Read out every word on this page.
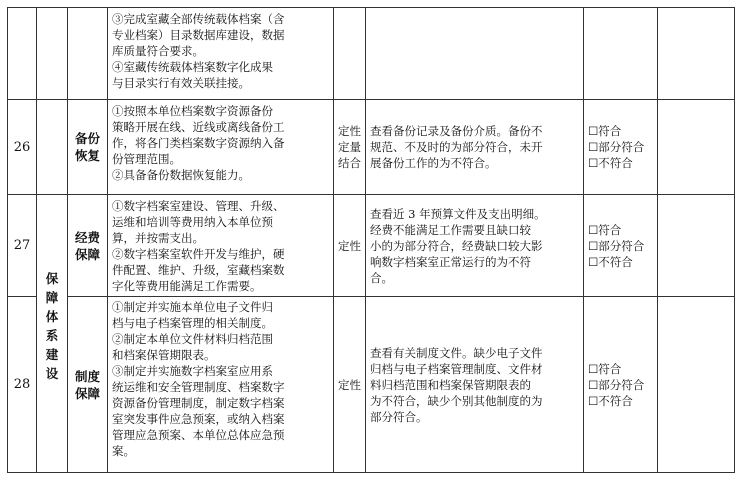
③完成室藏全部传统载体档案（含
专业档案）目录数据库建设，数据
库质量符合要求。
④室藏传统载体档案数字化成果
与目录实行有效关联挂接。
26
备份
恢复
①按照本单位档案数字资源备份
策略开展在线、近线或离线备份工
作，将各门类档案数字资源纳入备
份管理范围。
②具备备份数据恢复能力。
定性
定量
结合
查看备份记录及备份介质。备份不
规范、不及时的为部分符合，未开
展备份工作的为不符合。
☐符合
☐部分符合
☐不符合
27
经费
保障
①数字档案室建设、管理、升级、
运维和培训等费用纳入本单位预
算，并按需支出。
②数字档案室软件开发与维护，硬
件配置、维护、升级，室藏档案数
字化等费用能满足工作需要。
定性
查看近 3 年预算文件及支出明细。
经费不能满足工作需要且缺口较
小的为部分符合，经费缺口较大影
响数字档案室正常运行的为不符
合。
☐符合
☐部分符合
☐不符合
28
制度
保障
①制定并实施本单位电子文件归
档与电子档案管理的相关制度。
②制定本单位文件材料归档范围
和档案保管期限表。
③制定并实施数字档案室应用系
统运维和安全管理制度、档案数字
资源备份管理制度，制定数字档案
室突发事件应急预案，或纳入档案
管理应急预案、本单位总体应急预
案。
定性
查看有关制度文件。缺少电子文件
归档与电子档案管理制度、文件材
料归档范围和档案保管期限表的
为不符合，缺少个别其他制度的为
部分符合。
☐符合
☐部分符合
☐不符合
保
障
体
系
建
设
